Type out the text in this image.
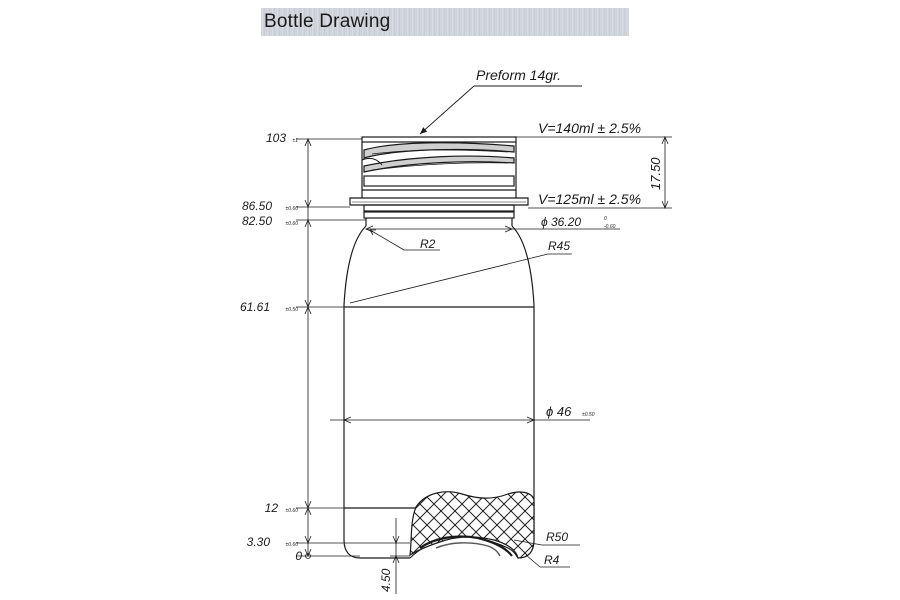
Bottle Drawing
103 ±1
86.50	±0.60
82.50	±0.60
61.61	±0.50
12 ±0.60
3.30	±0.60
0
17.50
V=140ml ± 2.5%
V=125ml ± 2.5%
Preform 14gr.
ϕ 36.20	0
-0.60
R2	R45
ϕ 46 ±0.50
R50
R4
4.50
